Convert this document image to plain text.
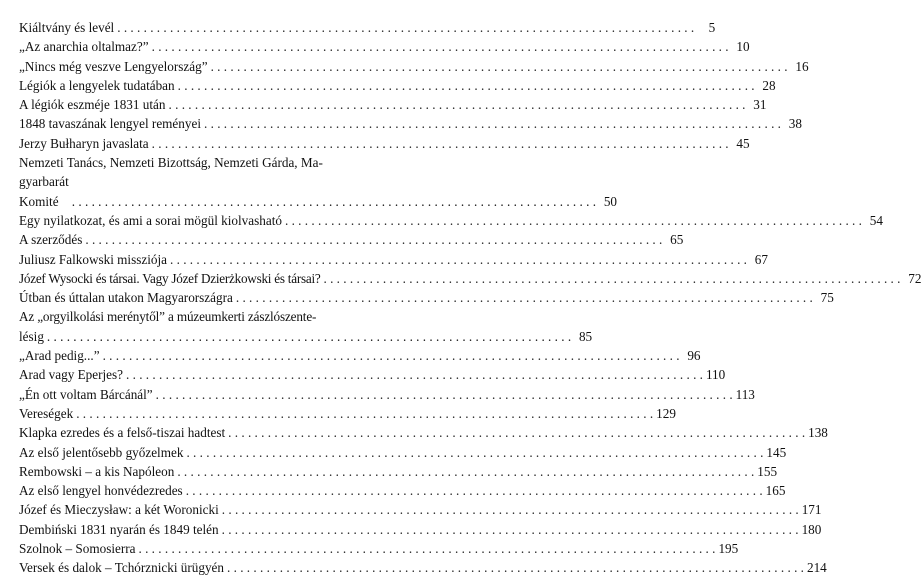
Kiáltvány és levél . . .	5
„Az anarchia oltalmaz?” . . .	10
„Nincs még veszve Lengyelország” . . .	16
Légiók a lengyelek tudatában . . .	28
A légiók eszméje 1831 után . . .	31
1848 tavaszának lengyel reményei . . .	38
Jerzy Bułharyn javaslata . . .	45
Nemzeti Tanács, Nemzeti Bizottság, Nemzeti Gárda, Ma-
gyarbarát Komité	. . . . . . . . . . . . . . . . . . . . . . . . . . . . . . . . . . . . . . . . . . . . . . . . . . . . . . . . . . . . . . . . . . . . . . . . . . . . . . . . 50
Egy nyilatkozat, és ami a sorai mögül kiolvasható . . .	54
A szerződés . . .	65
Juliusz Falkowski missziója . . .	67
Józef Wysocki és társai. Vagy Józef Dzierżkowski és társai? . . .	72
Útban és úttalan utakon Magyarországra . . .	75
Az „orgyilkolási merénytől” a múzeumkerti zászlószente-
lésig . . . . . . . . . . . . . . . . . . . . . . . . . . . . . . . . . . . . . . . . . . . . . . . . . . . . . . . . . . . . . . . . . . . . . . . . . . . . . . . . 85
„Arad pedig...” . . .	96
Arad vagy Eperjes? . . .	110
„Én ott voltam Bárcánál” . . .	113
Vereségek . . .	129
Klapka ezredes és a felső-tiszai hadtest . . .	138
Az első jelentősebb győzelmek . . .	145
Rembowski – a kis Napóleon . . .	155
Az első lengyel honvédezredes . . .	165
Józef és Mieczysław: a két Woronicki . . .	171
Dembiński 1831 nyarán és 1849 telén . . .	180
Szolnok – Somosierra . . .	195
Versek és dalok – Tchórznicki ürügyén . . .	214
